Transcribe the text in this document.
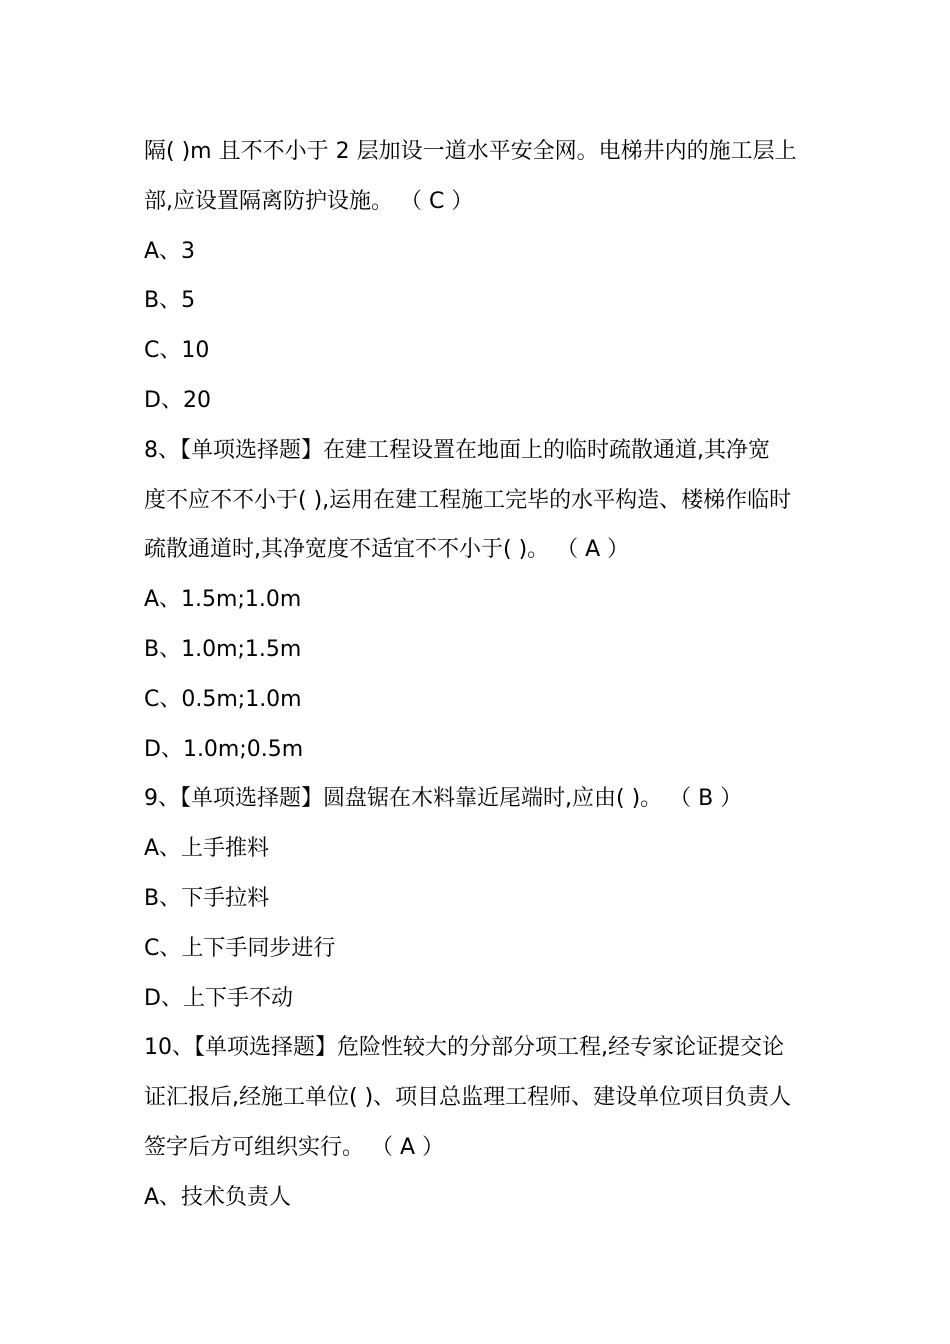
隔( )m 且不不小于 2 层加设一道水平安全网。电梯井内的施工层上
部,应设置隔离防护设施。 （ C ）
A、3
B、5
C、10
D、20
8、【单项选择题】在建工程设置在地面上的临时疏散通道,其净宽
度不应不不小于( ),运用在建工程施工完毕的水平构造、楼梯作临时
疏散通道时,其净宽度不适宜不不小于( )。 （ A ）
A、1.5m;1.0m
B、1.0m;1.5m
C、0.5m;1.0m
D、1.0m;0.5m
9、【单项选择题】圆盘锯在木料靠近尾端时,应由( )。 （ B ）
A、上手推料
B、下手拉料
C、上下手同步进行
D、上下手不动
10、【单项选择题】危险性较大的分部分项工程,经专家论证提交论
证汇报后,经施工单位( )、项目总监理工程师、建设单位项目负责人
签字后方可组织实行。 （ A ）
A、技术负责人
